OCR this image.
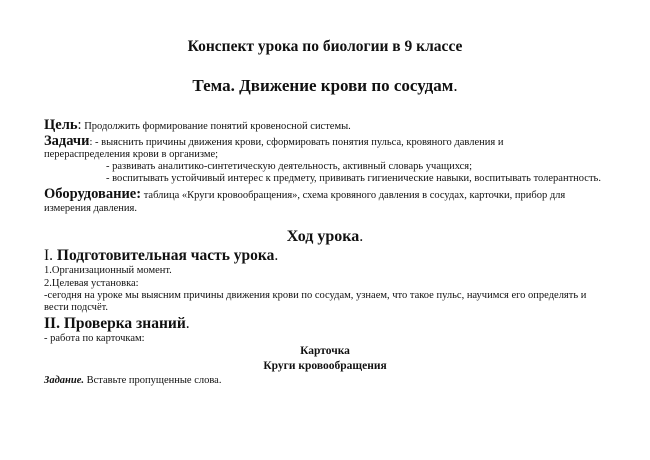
Конспект урока по биологии в 9 классе
Тема. Движение крови по сосудам.
Цель: Продолжить формирование понятий кровеносной системы.
Задачи: - выяснить причины движения крови, сформировать понятия пульса, кровяного давления и
перераспределения крови в организме;
- развивать аналитико-синтетическую деятельность, активный словарь учащихся;
- воспитывать устойчивый интерес к предмету, прививать гигиенические навыки, воспитывать толерантность.
Оборудование: таблица «Круги кровообращения», схема кровяного давления в сосудах, карточки, прибор для
измерения давления.
Ход урока.
I. Подготовительная часть урока.
1.Организационный момент.
2.Целевая установка:
-сегодня на уроке мы выясним причины движения крови по сосудам, узнаем, что такое пульс, научимся его определять и
вести подсчёт.
II. Проверка знаний.
- работа по карточкам:
Карточка
Круги кровообращения
Задание. Вставьте пропущенные слова.
